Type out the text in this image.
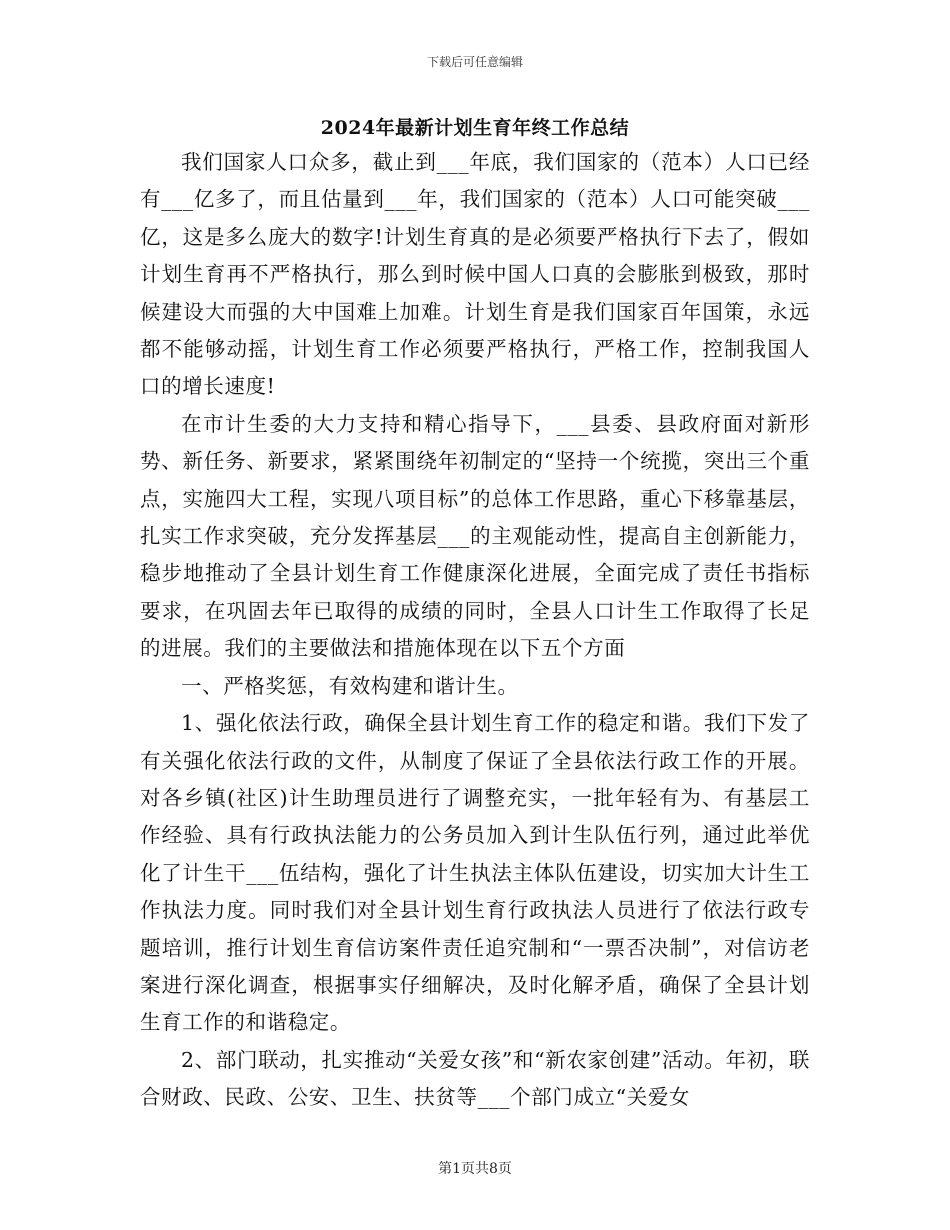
下载后可任意编辑
2024年最新计划生育年终工作总结

我们国家人口众多，截止到___年底，我们国家的（范本）人口已经有___亿多了，而且估量到___年，我们国家的（范本）人口可能突破___亿，这是多么庞大的数字!计划生育真的是必须要严格执行下去了，假如计划生育再不严格执行，那么到时候中国人口真的会膨胀到极致，那时候建设大而强的大中国难上加难。计划生育是我们国家百年国策，永远都不能够动摇，计划生育工作必须要严格执行，严格工作，控制我国人口的增长速度!

在市计生委的大力支持和精心指导下，___县委、县政府面对新形势、新任务、新要求，紧紧围绕年初制定的“坚持一个统揽，突出三个重点，实施四大工程，实现八项目标”的总体工作思路，重心下移靠基层，扎实工作求突破，充分发挥基层___的主观能动性，提高自主创新能力，稳步地推动了全县计划生育工作健康深化进展，全面完成了责任书指标要求，在巩固去年已取得的成绩的同时，全县人口计生工作取得了长足的进展。我们的主要做法和措施体现在以下五个方面

一、严格奖惩，有效构建和谐计生。

1、强化依法行政，确保全县计划生育工作的稳定和谐。我们下发了有关强化依法行政的文件，从制度了保证了全县依法行政工作的开展。对各乡镇(社区)计生助理员进行了调整充实，一批年轻有为、有基层工作经验、具有行政执法能力的公务员加入到计生队伍行列，通过此举优化了计生干___伍结构，强化了计生执法主体队伍建设，切实加大计生工作执法力度。同时我们对全县计划生育行政执法人员进行了依法行政专题培训，推行计划生育信访案件责任追究制和“一票否决制”，对信访老案进行深化调查，根据事实仔细解决，及时化解矛盾，确保了全县计划生育工作的和谐稳定。

2、部门联动，扎实推动“关爱女孩”和“新农家创建”活动。年初，联合财政、民政、公安、卫生、扶贫等___个部门成立“关爱女

第1页共8页
